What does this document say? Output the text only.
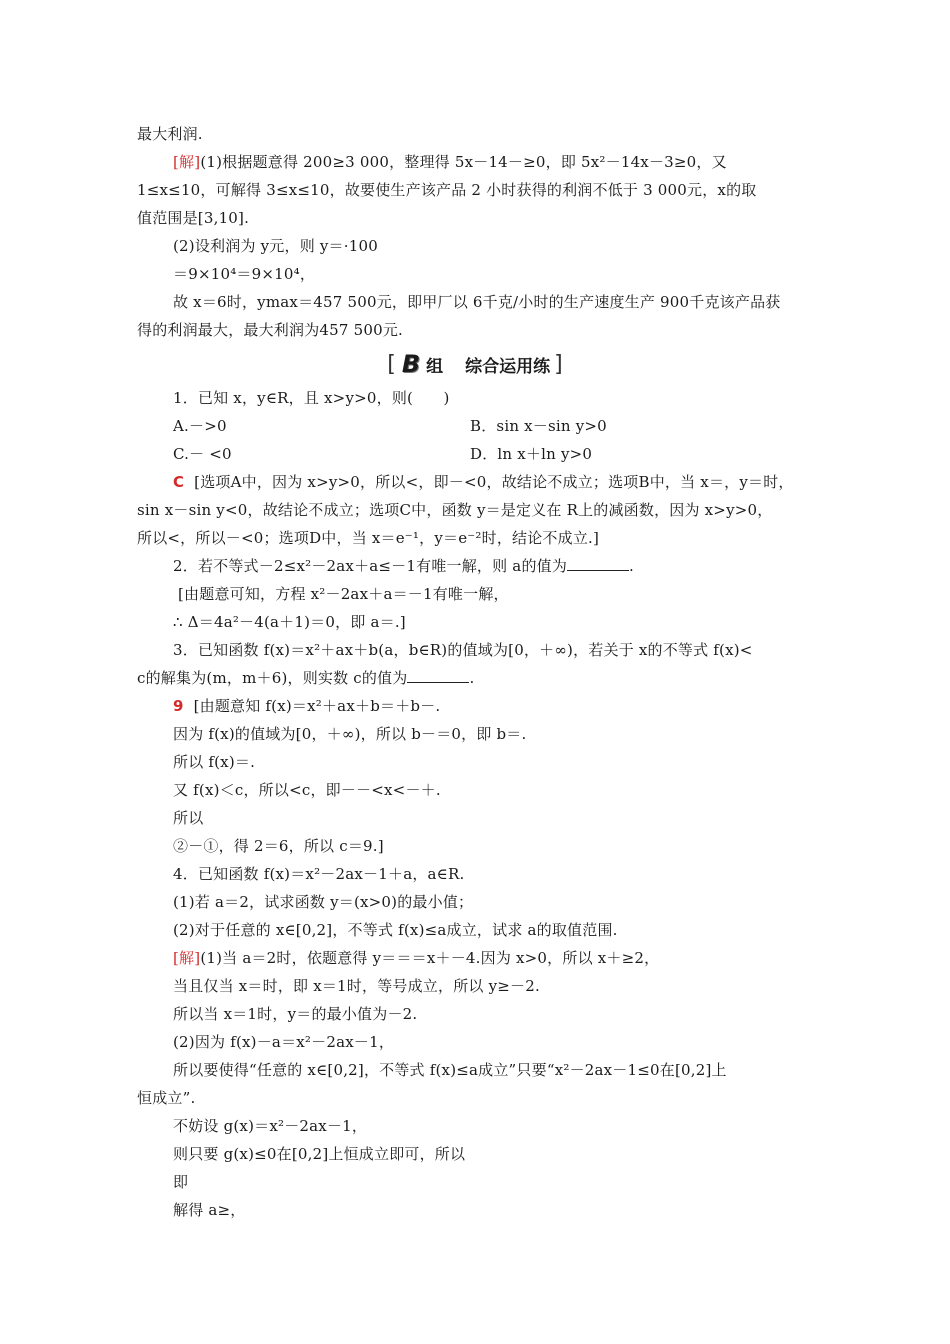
最大利润.
[解](1)根据题意得 200≥3 000，整理得 5x－14－≥0，即 5x²－14x－3≥0，又
1≤x≤10，可解得 3≤x≤10，故要使生产该产品 2 小时获得的利润不低于 3 000元，x的取
值范围是[3,10].
(2)设利润为 y元，则 y＝·100
＝9×10⁴＝9×10⁴，
故 x＝6时，ymax＝457 500元，即甲厂以 6千克/小时的生产速度生产 900千克该产品获
得的利润最大，最大利润为457 500元.
[ B 组 综合运用练 ]
1．已知 x，y∈R，且 x>y>0，则(　　)
A.－>0	B．sin x－sin y>0
C.－ <0	D．ln x＋ln y>0
C [选项A中，因为 x>y>0，所以<，即－<0，故结论不成立；选项B中，当 x＝，y＝时，
sin x－sin y<0，故结论不成立；选项C中，函数 y＝是定义在 R上的减函数，因为 x>y>0，
所以<，所以－<0；选项D中，当 x＝e⁻¹，y＝e⁻²时，结论不成立.]
2．若不等式－2≤x²－2ax＋a≤－1有唯一解，则 a的值为	.
[由题意可知，方程 x²－2ax＋a＝－1有唯一解，
∴ Δ＝4a²－4(a＋1)＝0，即 a＝.]
3．已知函数 f(x)＝x²＋ax＋b(a，b∈R)的值域为[0，＋∞)，若关于 x的不等式 f(x)<
c的解集为(m，m＋6)，则实数 c的值为	.
9 [由题意知 f(x)＝x²＋ax＋b＝＋b－.
因为 f(x)的值域为[0，＋∞)，所以 b－＝0，即 b＝.
所以 f(x)＝.
又 f(x)＜c，所以<c，即－－<x<－＋.
所以
②－①，得 2＝6，所以 c＝9.]
4．已知函数 f(x)＝x²－2ax－1＋a，a∈R.
(1)若 a＝2，试求函数 y＝(x>0)的最小值；
(2)对于任意的 x∈[0,2]，不等式 f(x)≤a成立，试求 a的取值范围.
[解](1)当 a＝2时，依题意得 y＝＝＝x＋－4.因为 x>0，所以 x＋≥2，
当且仅当 x＝时，即 x＝1时，等号成立，所以 y≥－2.
所以当 x＝1时，y＝的最小值为－2.
(2)因为 f(x)－a＝x²－2ax－1，
所以要使得“任意的 x∈[0,2]，不等式 f(x)≤a成立”只要“x²－2ax－1≤0在[0,2]上
恒成立”.
不妨设 g(x)＝x²－2ax－1，
则只要 g(x)≤0在[0,2]上恒成立即可，所以
即
解得 a≥，
